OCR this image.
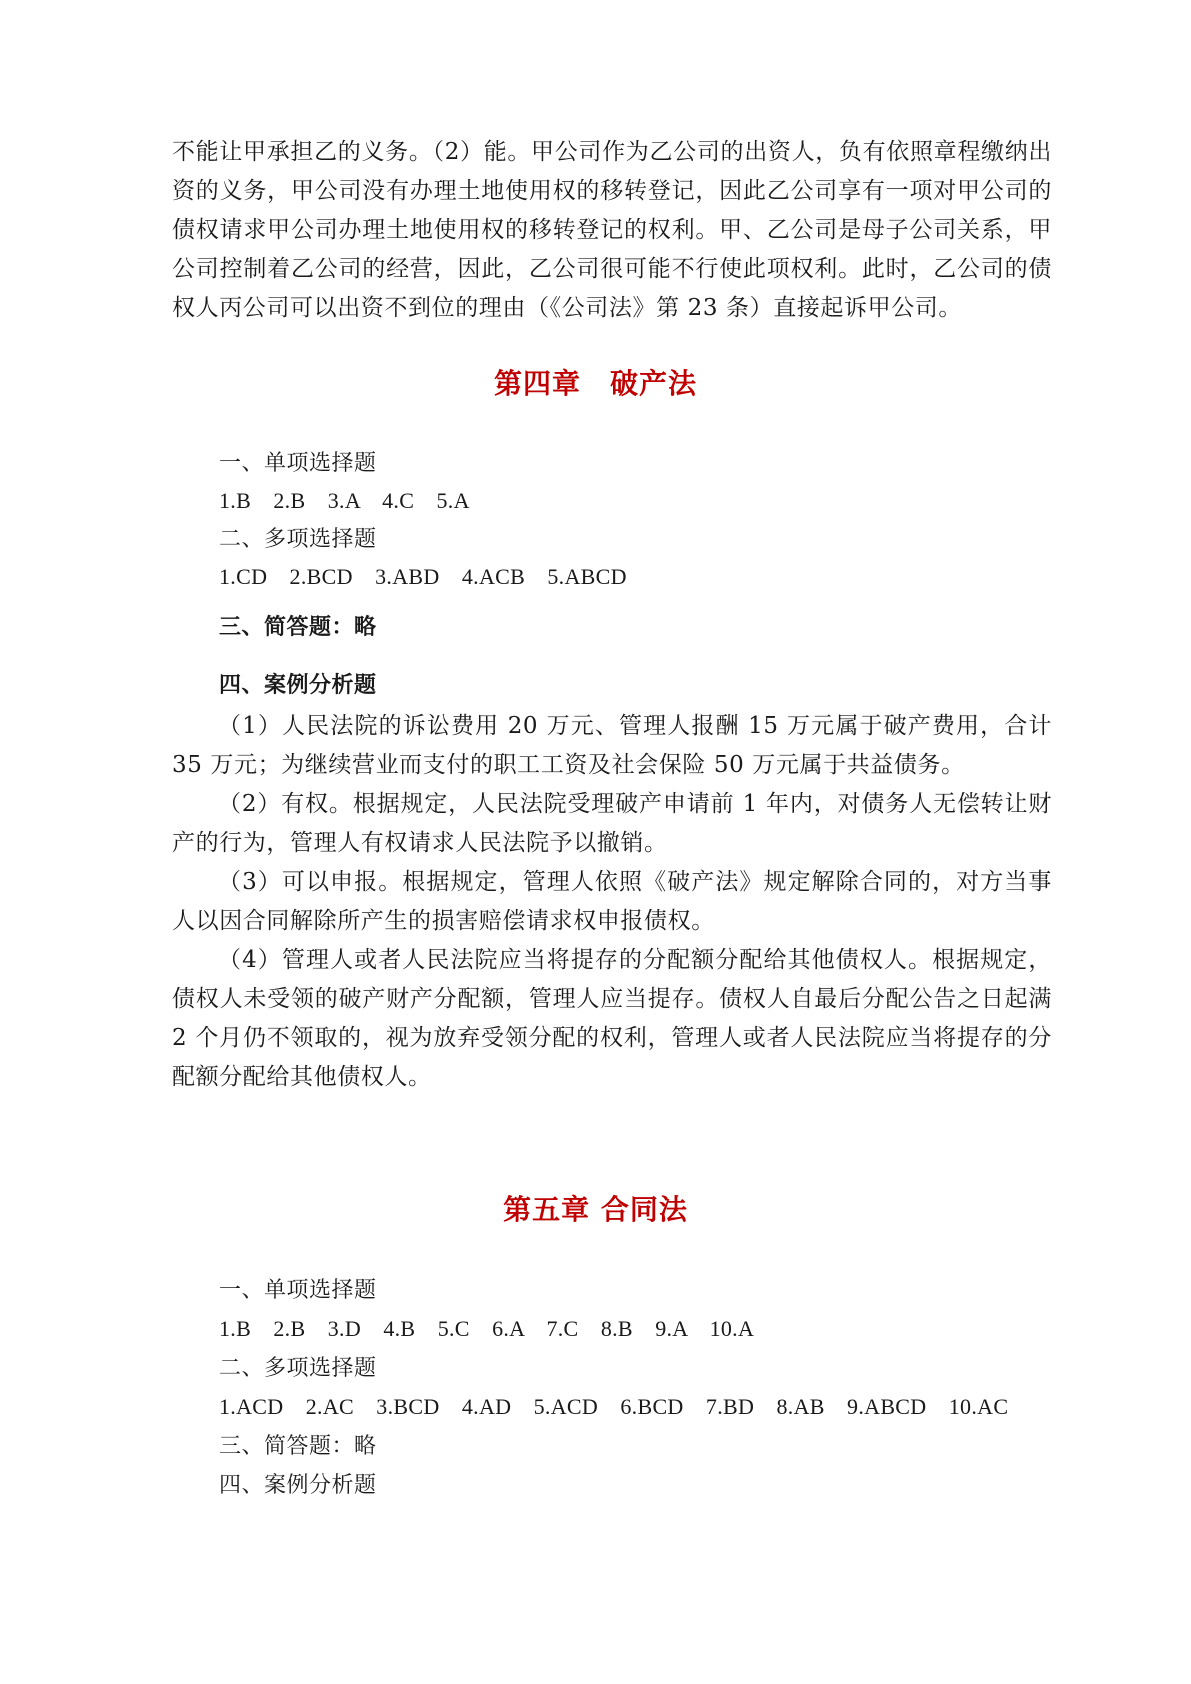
不能让甲承担乙的义务。（2）能。甲公司作为乙公司的出资人，负有依照章程缴纳出资的义务，甲公司没有办理土地使用权的移转登记，因此乙公司享有一项对甲公司的债权请求甲公司办理土地使用权的移转登记的权利。甲、乙公司是母子公司关系，甲公司控制着乙公司的经营，因此，乙公司很可能不行使此项权利。此时，乙公司的债权人丙公司可以出资不到位的理由（《公司法》第 23 条）直接起诉甲公司。
第四章　破产法
一、单项选择题
1.B　2.B　3.A　4.C　5.A
二、多项选择题
1.CD　2.BCD　3.ABD　4.ACB　5.ABCD
三、简答题：略
四、案例分析题

（1）人民法院的诉讼费用 20 万元、管理人报酬 15 万元属于破产费用，合计 35 万元；为继续营业而支付的职工工资及社会保险 50 万元属于共益债务。

（2）有权。根据规定，人民法院受理破产申请前 1 年内，对债务人无偿转让财产的行为，管理人有权请求人民法院予以撤销。

（3）可以申报。根据规定，管理人依照《破产法》规定解除合同的，对方当事人以因合同解除所产生的损害赔偿请求权申报债权。

（4）管理人或者人民法院应当将提存的分配额分配给其他债权人。根据规定，债权人未受领的破产财产分配额，管理人应当提存。债权人自最后分配公告之日起满 2 个月仍不领取的，视为放弃受领分配的权利，管理人或者人民法院应当将提存的分配额分配给其他债权人。

第五章 合同法
一、单项选择题
1.B　2.B　3.D　4.B　5.C　6.A　7.C　8.B　9.A　10.A
二、多项选择题
1.ACD　2.AC　3.BCD　4.AD　5.ACD　6.BCD　7.BD　8.AB　9.ABCD　10.AC
三、简答题：略
四、案例分析题
